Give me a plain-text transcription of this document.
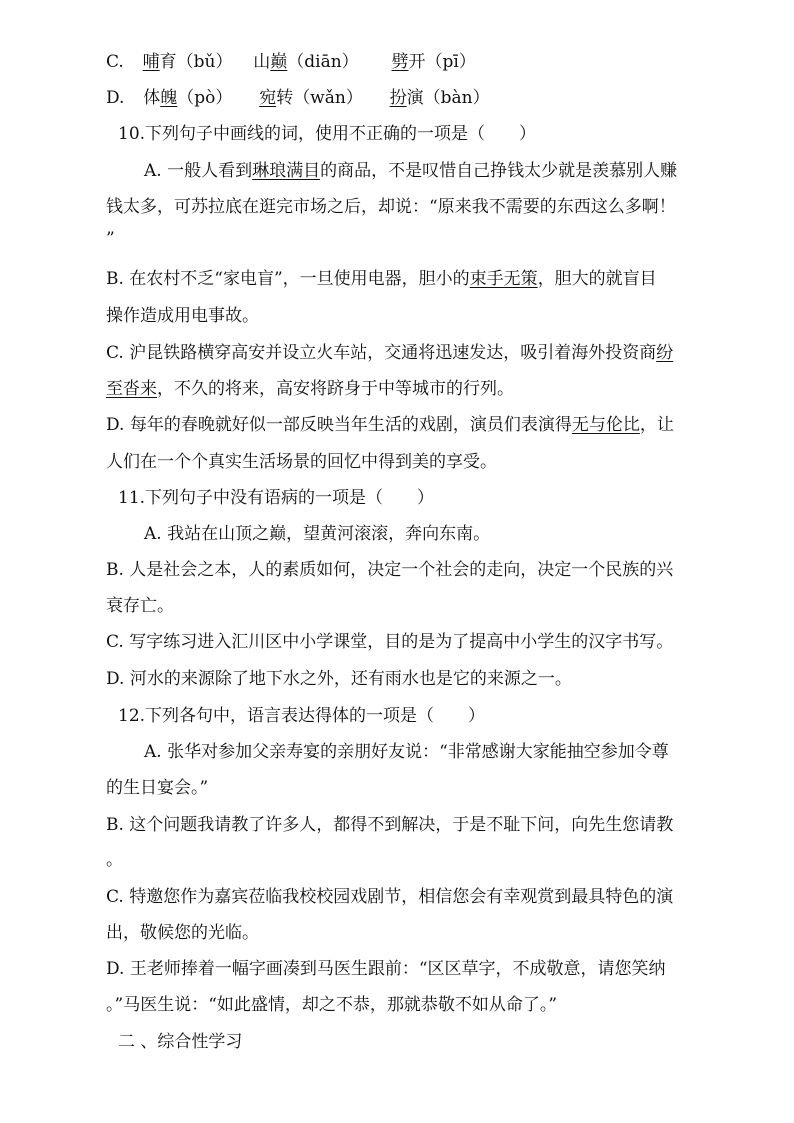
C. 哺育（bǔ） 山巅（diān） 劈开（pī）
D. 体魄（pò） 宛转（wǎn） 扮演（bàn）
10.下列句子中画线的词，使用不正确的一项是（　　）
A. 一般人看到琳琅满目的商品，不是叹惜自己挣钱太少就是羡慕别人赚
钱太多，可苏拉底在逛完市场之后，却说：“原来我不需要的东西这么多啊！
”
B. 在农村不乏“家电盲”，一旦使用电器，胆小的束手无策，胆大的就盲目
操作造成用电事故。
C. 沪昆铁路横穿高安并设立火车站，交通将迅速发达，吸引着海外投资商纷
至沓来，不久的将来，高安将跻身于中等城市的行列。
D. 每年的春晚就好似一部反映当年生活的戏剧，演员们表演得无与伦比，让
人们在一个个真实生活场景的回忆中得到美的享受。
11.下列句子中没有语病的一项是（　　）
A. 我站在山顶之巅，望黄河滚滚，奔向东南。
B. 人是社会之本，人的素质如何，决定一个社会的走向，决定一个民族的兴
衰存亡。
C. 写字练习进入汇川区中小学课堂，目的是为了提高中小学生的汉字书写。
D. 河水的来源除了地下水之外，还有雨水也是它的来源之一。
12.下列各句中，语言表达得体的一项是（　　）
A. 张华对参加父亲寿宴的亲朋好友说：“非常感谢大家能抽空参加令尊
的生日宴会。”
B. 这个问题我请教了许多人，都得不到解决，于是不耻下问，向先生您请教
。
C. 特邀您作为嘉宾莅临我校校园戏剧节，相信您会有幸观赏到最具特色的演
出，敬候您的光临。
D. 王老师捧着一幅字画凑到马医生跟前：“区区草字，不成敬意，请您笑纳
。”马医生说：“如此盛情，却之不恭，那就恭敬不如从命了。”
二 、综合性学习
